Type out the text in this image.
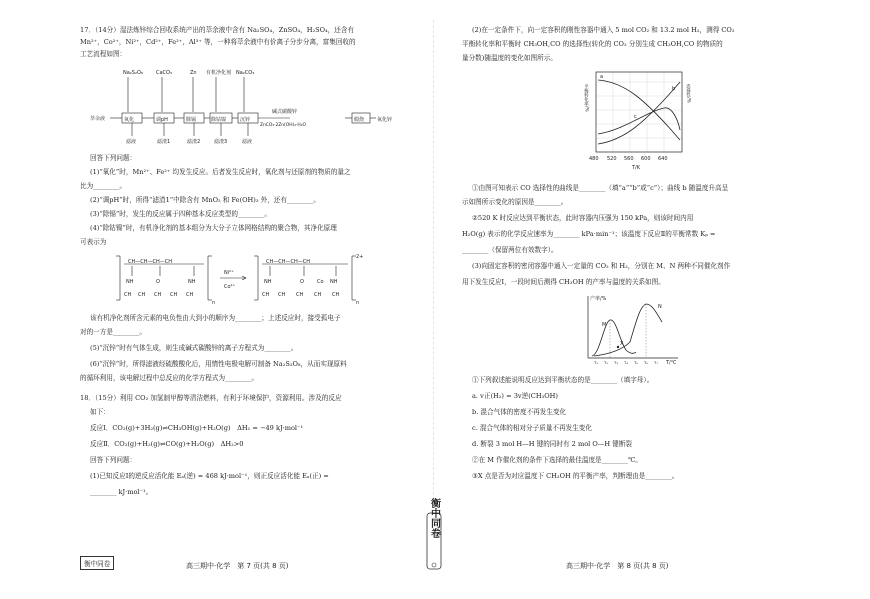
17．（14分）湿法炼锌综合回收系统产出的萃余液中含有 Na₂SO₄，ZnSO₄，H₂SO₄，还含有
Mn²⁺，Co²⁺，Ni²⁺，Cd²⁺，Fe²⁺，Al³⁺ 等，一种将萃余液中有价离子分步分离，富集回收的
工艺流程如图：
萃余液
Na₂S₂O₈	CaCO₃	Zn 有机净化剂 Na₂CO₃
氧化	调pH	除镉	除钴镍	沉锌
滤液	滤渣1	滤渣2	滤渣3	滤液
碱式碳酸锌
ZnCO₃·2Zn(OH)₂·H₂O
煅烧	氧化锌
回答下列问题：
(1)“氧化”时，Mn²⁺、Fe²⁺ 均发生反应。后者发生反应时，氧化剂与还原剂的物质的量之
比为________。
(2)“调pH”时，所得“滤渣1”中除含有 MnO₂ 和 Fe(OH)₃ 外，还有________。
(3)“除镉”时，发生的反应属于四种基本反应类型的________。
(4)“除钴镍”时，有机净化剂的基本组分为大分子立体网格结构的聚合物，其净化原理
可表示为
CH—CH—CH—CH
NH	O	NH
CH CH CH CH CH
n
Ni²⁺
Co²⁺
CH—CH—CH—CH
NH	O	Co NH
CH CH CH CH CH
2+
n
该有机净化剂所含元素的电负性由大到小的顺序为________；上述反应时，接受孤电子
对的一方是________。
(5)“沉锌”时有气体生成，则生成碱式碳酸锌的离子方程式为________。
(6)“沉锌”时，所得滤液经硫酸酸化后，用惰性电极电解可制备 Na₂S₂O₈，从而实现原料
的循环利用，该电解过程中总反应的化学方程式为________。
18．（15分）利用 CO₂ 加氢制甲醇等清洁燃料，有利于环境保护，资源利用。涉及的反应
如下：
反应Ⅰ．CO₂(g)+3H₂(g)⇌CH₃OH(g)+H₂O(g)　ΔH₁ = −49 kJ·mol⁻¹
反应Ⅱ．CO₂(g)+H₂(g)⇌CO(g)+H₂O(g)　ΔH₂>0
回答下列问题：
(1)已知反应Ⅰ的逆反应活化能 Eₐ(逆) = 468 kJ·mol⁻¹，则正反应活化能 Eₐ(正) =
________ kJ·mol⁻¹。
(2)在一定条件下，向一定容积的刚性容器中通入 5 mol CO₂ 和 13.2 mol H₂，测得 CO₂
平衡转化率和平衡时 CH₃OH,CO 的选择性(转化的 CO₂ 分别生成 CH₃OH,CO 的物质的
量分数)随温度的变化如图所示。
a
b
c
480 520 560 600 640
T/K
平衡转化率/%	选择性/%
①由图可知表示 CO 选择性的曲线是________（填“a”“b”或“c”）；曲线 b 随温度升高呈
示如图所示变化的原因是________。
②520 K 时反应达到平衡状态，此时容器内压强为 150 kPa，则该时间内用
H₂O(g) 表示的化学反应速率为________ kPa·min⁻¹；该温度下反应Ⅱ的平衡常数 Kₚ =
________（保留两位有效数字）。
(3)向固定容积的密闭容器中通入一定量的 CO₂ 和 H₂，分别在 M、N 两种不同催化剂作
用下发生反应Ⅰ，一段时间后测得 CH₃OH 的产率与温度的关系如图。
产率/%
M
N
X
T/℃
T₁ T₂ T₃ T₄ T₅ T₆ T₇
①下列叙述能说明反应达到平衡状态的是________（填字母）。
a. v正(H₂) = 3v逆(CH₃OH)
b. 混合气体的密度不再发生变化
c. 混合气体的相对分子质量不再发生变化
d. 断裂 3 mol H—H 键的同时有 2 mol O—H 键断裂
②在 M 作催化剂的条件下选择的最佳温度是________℃。
③X 点是否为对应温度下 CH₃OH 的平衡产率，判断理由是________。
衡中同卷	高三期中·化学　第 7 页(共 8 页)	高三期中·化学　第 8 页(共 8 页)
衡中同卷
